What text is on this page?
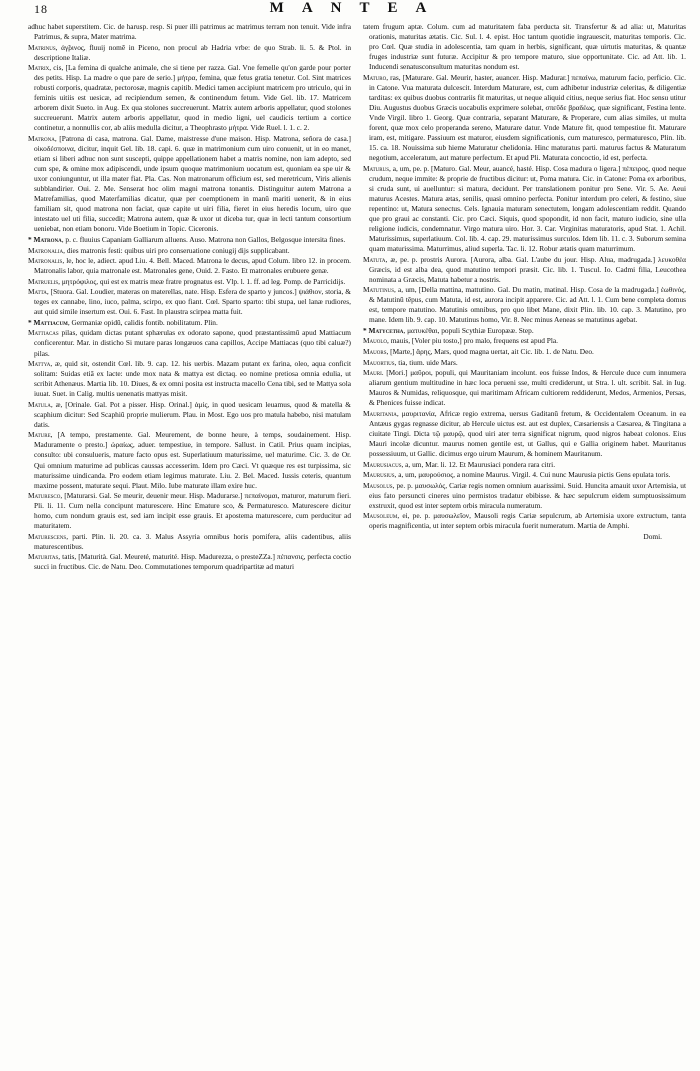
18	MANTEA

adhuc habet superstitem. Cic. de harusp. resp. Si puer illi patrimus ac matrimus terram non tenuit. Vide infra Patrimus, & supra, Mater matrima.

Matrinus, ἀγ̃ρινος, fluuij nomē in Piceno, non procul ab Hadria vrbe: de quo Strab. li. 5. & Ptol. in descriptione Italiæ.

Matrix, cis, [La femina di qualche animale, che si tiene per razza. Gal. Vne femelle qu'on garde pour porter des petits. Hisp. La madre o que pare de serio.] μήτρα, femina, quæ fetus gratia tenetur. Col. Sint matrices robusti corporis, quadratæ, pectorosæ, magnis capitib. Medici tamen accipiunt matricem pro utriculo, qui in feminis uitiis est uesicæ, ad recipiendum semen, & continendum fetum. Vide Gel. lib. 17. Matricem arborem dixit Sueto. in Aug. Ex qua stolones succreuerunt. Matrix autem arboris appellatur, quod stolones succreuerunt. Matrix autem arboris appellatur, quod in medio ligni, uel caudicis tertium a cortice continetur, a nonnullis cor, ab aliis medulla dicitur, a Theophrasto μήτρα. Vide Ruel. l. 1. c. 2.

Matrona, [Patrona di casa, matrona. Gal. Dame, maistresse d'une maison. Hisp. Matrona, señora de casa.] οἰκοδέσποινα, dicitur, inquit Gel. lib. 18. capi. 6. quæ in matrimonium cum uiro conuenit, ut in eo manet, etiam si liberi adhuc non sunt suscepti, quippe appellationem habet a matris nomine, non iam adepto, sed cum spe, & omine mox adipiscendi, unde ipsum quoque matrimonium uocatum est, quoniam ea spe uir & uxor coniunguntur, ut illa mater fiat. Pla. Cas. Non matronarum officium est, sed meretricum, Viris alienis subblandirier. Oui. 2. Me. Senserat hoc olim magni matrona tonantis. Distinguitur autem Matrona a Matrefamilias, quod Materfamilias dicatur, quæ per coemptionem in manū mariti uenerit, & in eius familiam sit, quod matrona non faciat, quæ capite ut uiri filia, fieret in eius heredis locum, uiro que intestato uel uti filia, succedit; Matrona autem, quæ & uxor ut diceba tur, quæ in lecti tantum consortium ueniebat, non etiam bonoru. Vide Boetium in Topic. Ciceronis.

* Matrona, p. c. fluuius Capaniam Galliarum alluens. Auso. Matrona non Gallos, Belgosque intersita fines.

Matronalia, dies matronis festi: quibus uiri pro conseruatione coniugij dijs supplicabant.

Matronalis, le, hoc le, adiect. apud Liu. 4. Bell. Maced. Matrona le decus, apud Colum. libro 12. in procem. Matronalis labor, quia matronale est. Matronales gene, Ouid. 2. Fasto. Et matronales erubuere genæ.

Matruelis, μητρόφιλος, qui est ex matris meæ fratre prognatus est. Vlp. l. 1. ff. ad leg. Pomp. de Parricidijs.

Matta, [Stuora. Gal. Loudier, materas on materellas, nate. Hisp. Esfera de sparto y juncos.] ψιάθιον, storia, & teges ex cannabe, lino, iuco, palma, scirpo, ex quo fiant. Cœl. Sparto sparto: tibi stupa, uel lanæ rudiores, aut quid simile insertum est. Oui. 6. Fast. In plaustra scirpea matta fuit.

* Mattiacum, Germaniæ opidū, calidis fontib. nobilitatum. Plin.

Mattiacas pilas, quidam dictas putant sphærulas ex odorato sapone, quod præstantissimū apud Mattiacum conficerentur. Mar. in disticho Si mutare paras longæuos cana capillos, Accipe Mattiacas (quo tibi caluæ?) pilas.

Mattya, æ, quid sit, ostendit Cœl. lib. 9. cap. 12. his uerbis. Mazam putant ex farina, oleo, aqua conficit solitam: Suidas etiā ex lacte: unde mox nata & mattya est dictaq. eo nomine pretiosa omnia edulia, ut scribit Athenæus. Martia lib. 10. Diues, & ex omni posita est instructa macello Cena tibi, sed te Mattya sola iuuat. Suet. in Calig. multis uenenatis mattyas misit.

Matula, æ, [Orinale. Gal. Pot a pisser. Hisp. Orinal.] ἀμίς, in quod uesicam leuamus, quod & matella & scaphium dicitur: Sed Scaphiū proprie mulierum. Plau. in Most. Ego uos pro matula habebo, nisi matulam datis.

Mature, [A tempo, prestamente. Gal. Meurement, de bonne heure, à temps, soudainement. Hisp. Maduramente o presto.] ὡραίως, aduer. tempestiue, in tempore. Sallust. in Catil. Prius quam incipias, consulto: ubi consulueris, mature facto opus est. Superlatiuum maturissime, uel maturime. Cic. 3. de Or. Qui omnium maturime ad publicas caussas accesserim. Idem pro Cæci. Vt quæque res est turpissima, sic maturissime uindicanda. Pro eodem etiam legimus maturate. Liu. 2. Bel. Maced. Iussis ceteris, quantum maxime possent, maturate sequi. Plaut. Milo. Iube maturate illam exire huc.

Maturesco, [Maturarsi. Gal. Se meurir, deuenir meur. Hisp. Madurarse.] πεπαίνομαι, maturor, maturum fieri. Pli. li. 11. Cum nella concipunt maturescere. Hinc Emature sco, & Permaturesco. Maturescere dicitur homo, cum nondum grauis est, sed iam incipit esse grauis. Et apostema maturescere, cum perducitur ad maturitatem.

Maturescens, parti. Plin. li. 20. ca. 3. Malus Assyria omnibus horis pomifera, aliis cadentibus, aliis maturescentibus.

Maturitas, tatis, [Maturità. Gal. Meureté, maturité. Hisp. Madurezza, o presteZZa.] πέπανσις, perfecta coctio succi in fructibus. Cic. de Natu. Deo. Commutationes temporum quadripartitæ ad maturi

tatem frugum aptæ. Colum. cum ad maturitatem faba perducta sit. Transfertur & ad alia: ut, Maturitas orationis, maturitas ætatis. Cic. Sul. l. 4. epist. Hoc tantum quotidie ingrauescit, maturitas temporis. Cic. pro Cœl. Quæ studia in adolescentia, tam quam in herbis, significant, quæ uirtutis maturitas, & quantæ fruges industriæ sunt futuræ. Accipitur & pro tempore maturo, siue opportunitate. Cic. ad Att. lib. 1. Inducendi senatusconsultum maturitas nondum est.

Maturo, ras, [Maturare. Gal. Meurir, haster, auancer. Hisp. Madurar.] πεπαίνω, maturum facio, perficio. Cic. in Catone. Vua maturata dulcescit. Interdum Maturare, est, cum adhibetur industriæ celeritas, & diligentiæ tarditas: ex quibus duobus contrariis fit maturitas, ut neque aliquid citius, neque serius fiat. Hoc sensu utitur Diu. Augustus duobus Græcis uocabulis exprimere solebat, σπεῦδε βραδέως, quæ significant, Festina lente. Vnde Virgil. libro 1. Georg. Quæ contraria, separant Maturare, & Properare, cum alias similes, ut multa forent, quæ mox celo properanda sereno, Maturare datur. Vnde Mature fit, quod tempestiue fit. Maturare iram, est, mitigare. Passiuum est maturor, eiusdem significationis, cum maturesco, permaturesco, Plin. lib. 15. ca. 18. Nouissima sub hieme Maturatur chelidonia. Hinc maturatus parti. maturus factus & Maturatum negotium, acceleratum, aut mature perfectum. Et apud Pli. Maturata concoctio, id est, perfecta.

Maturus, a, um, pe. p. [Maturo. Gal. Meur, auancé, hasté. Hisp. Cosa madura o ligera.] πέπειρος, quod neque crudum, neque immite: & proprie de fructibus dicitur: ut, Poma matura. Cic. in Catone: Poma ex arboribus, si cruda sunt, ui auelluntur: si matura, decidunt. Per translationem ponitur pro Sene. Vir. 5. Ae. Aeui maturus Acestes. Matura ætas, senilis, quasi omnino perfecta. Ponitur interdum pro celeri, & festino, siue repentino: ut, Matura senectus. Cels. Ignauia maturam senectutem, longam adolescentiam reddit. Quando que pro graui ac constanti. Cic. pro Cæci. Siquis, quod spopondit, id non facit, maturo iudicio, sine ulla religione iudicis, condemnatur. Virgo matura uiro. Hor. 3. Car. Virginitas maturatoris, apud Stat. 1. Achil. Maturissimus, superlatiuum. Col. lib. 4. cap. 29. maturissimus surculos. Idem lib. 11. c. 3. Suborum semina quam maturissima. Maturrimus, aliud superla. Tac. li. 12. Robur ætatis quam maturrimum.

Matuta, æ, pe. p. prostris Aurora. [Aurora, alba. Gal. L'aube du jour. Hisp. Alua, madrugada.] λευκοθέα Græcis, id est alba dea, quod matutino tempori præsit. Cic. lib. 1. Tuscul. Io. Cadmi filia, Leucothea nominata a Græcis, Matuta habetur a nostris.

Matutinus, a, um, [Della mattina, mattutino. Gal. Du matin, matinal. Hisp. Cosa de la madrugada.] ἑωθινός, & Matutinū tēpus, cum Matuta, id est, aurora incipit apparere. Cic. ad Att. l. 1. Cum bene completa domus est, tempore matutino. Matutinis omnibus, pro quo libet Mane, dixit Plin. lib. 10. cap. 3. Matutino, pro mane. Idem lib. 9. cap. 10. Matutinus homo, Vir. 8. Nec minus Aeneas se matutinus agebat.

* Matycetha, ματυκέθαι, populi Scythiæ Europææ. Step.

Mauolo, mauis, [Voler piu tosto,] pro malo, frequens est apud Pla.

Mauors, [Marte,] ἄρης, Mars, quod magna uertat, ait Cic. lib. 1. de Natu. Deo.

Mauortius, tia, tium. uide Mars.

Mauri. [Mori.] μαῦροι, populi, qui Mauritaniam incolunt. eos fuisse Indos, & Hercule duce cum innumera aliarum gentium multitudine in hæc loca perueni sse, multi crediderunt, ut Stra. l. ult. scribit. Sal. in Iug. Mauros & Numidas, reliquosque, qui maritimam Africam cultiorem reddiderunt, Medos, Armenios, Persas, & Phenices fuisse indicat.

Mauritania, μαυριτανία, Africæ regio extrema, uersus Gaditanū fretum, & Occidentalem Oceanum. in ea Antæus gygas regnasse dicitur, ab Hercule uictus est. aut est duplex, Cæsariensis a Cæsarea, & Tingitana a ciuitate Tingi. Dicta τῷ μαυρῷ, quod uiri ater terra significat nigrum, quod nigros habeat colonos. Eius Mauri incolæ dicuntur. maurus nomen gentile est, ut Gallus, qui e Gallia originem habet. Mauritanus possessiuum, ut Gallic. dicimus ergo uirum Maurum, & hominem Mauritanum.

Maurusiacus, a, um, Mar. li. 12. Et Maurusiaci pondera rara citri.

Maurusius, a, um, μαυρούσιος, a nomine Maurus. Virgil. 4. Cui nunc Maurusia pictis Gens epulata toris.

Mausolus, pe. p. μαυσωλός, Cariæ regis nomen omnium auarissimi. Suid. Huncita amauit uxor Artemisia, ut eius fato persuncti cineres uino permistos tradatur ebibisse. & hæc sepulcrum eidem sumptuosissimum exstruxit, quod est inter septem orbis miracula numeratum.

Mausoleum, ei, pe. p. μαυσωλεῖον, Mausoli regis Cariæ sepulcrum, ab Artemisia uxore extructum, tanta operis magnificentia, ut inter septem orbis miracula fuerit numeratum. Martia de Amphi.

Domi.
